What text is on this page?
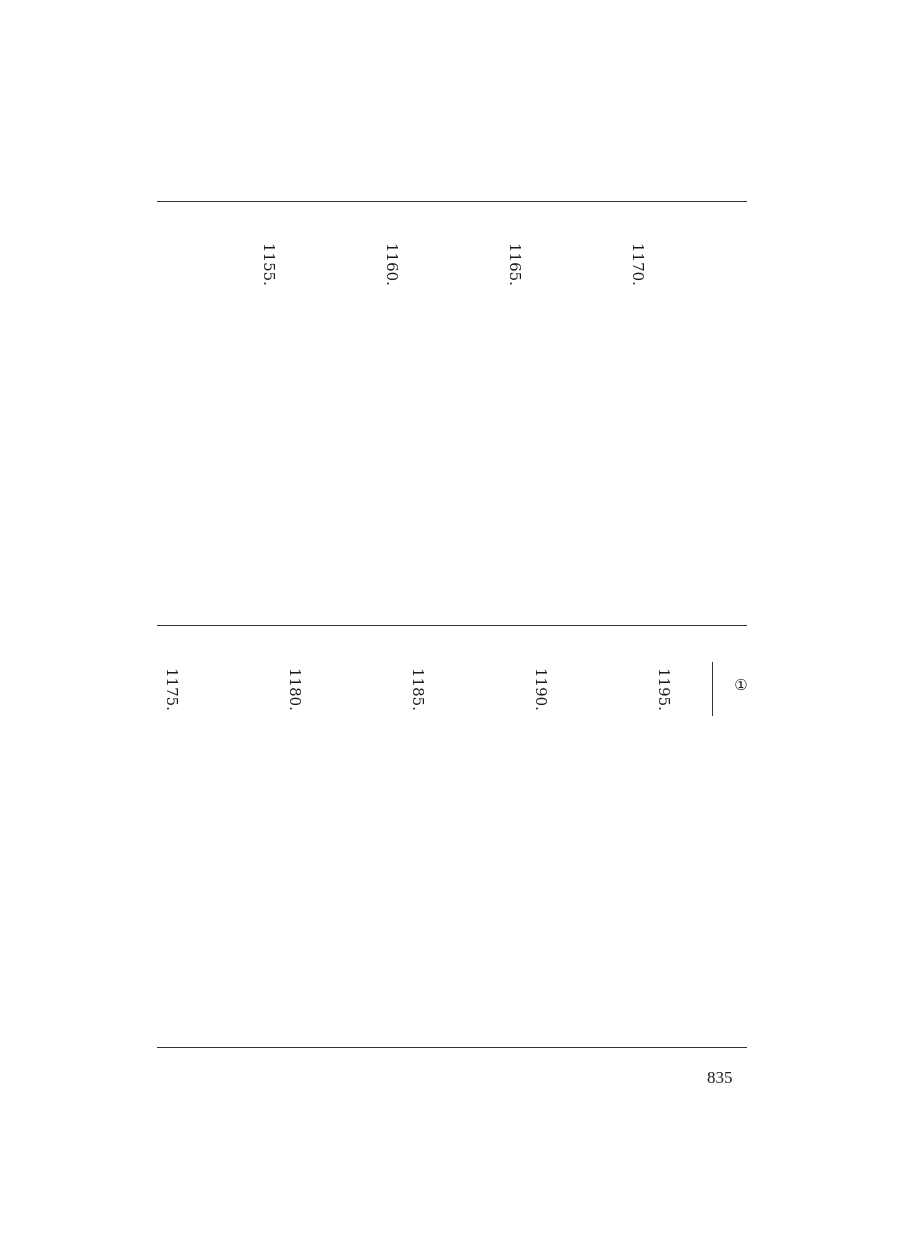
1155.	1160.	1165.	1170.
1175.	1180.	1185.	1190.	1195.	①
835
